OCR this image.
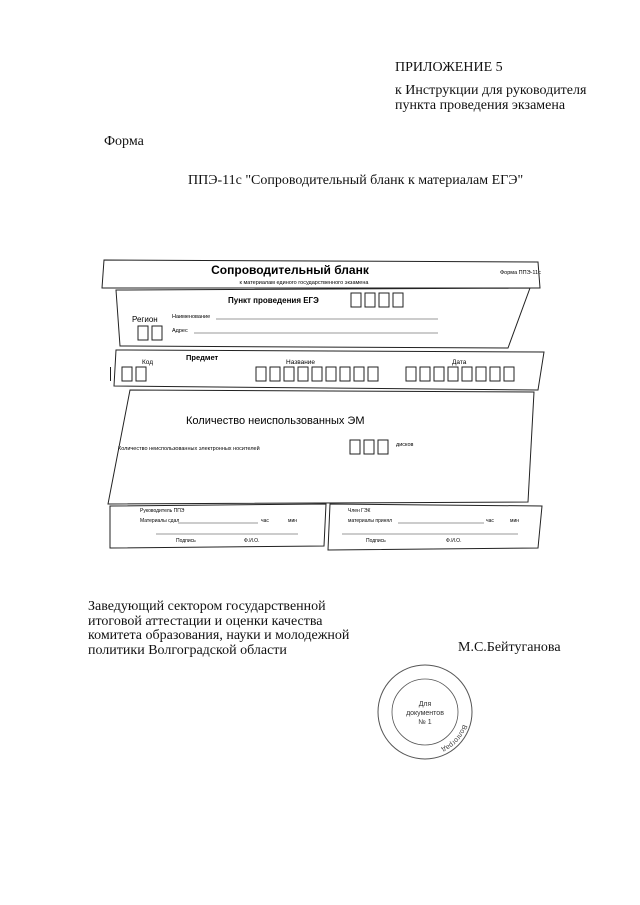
ПРИЛОЖЕНИЕ 5
к Инструкции для руководителя
пункта проведения экзамена
Форма
ППЭ-11с "Сопроводительный бланк к материалам ЕГЭ"
Сопроводительный бланк
к материалам единого государственного экзамена
Форма ППЭ-11с
Пункт проведения ЕГЭ
Регион	Наименование
Адрес
Предмет
Код	Название	Дата
Количество неиспользованных ЭМ
Количество неиспользованных электронных носителей
дисков
Руководитель ППЭ
Материалы сдал	час	мин
Подпись	Ф.И.О.
Член ГЭК
материалы принял	час	мин
Подпись	Ф.И.О.
Заведующий сектором государственной
итоговой аттестации и оценки качества
комитета образования, науки и молодежной
политики Волгоградской области	М.С.Бейтуганова
Волгоград
Для
документов
№ 1
